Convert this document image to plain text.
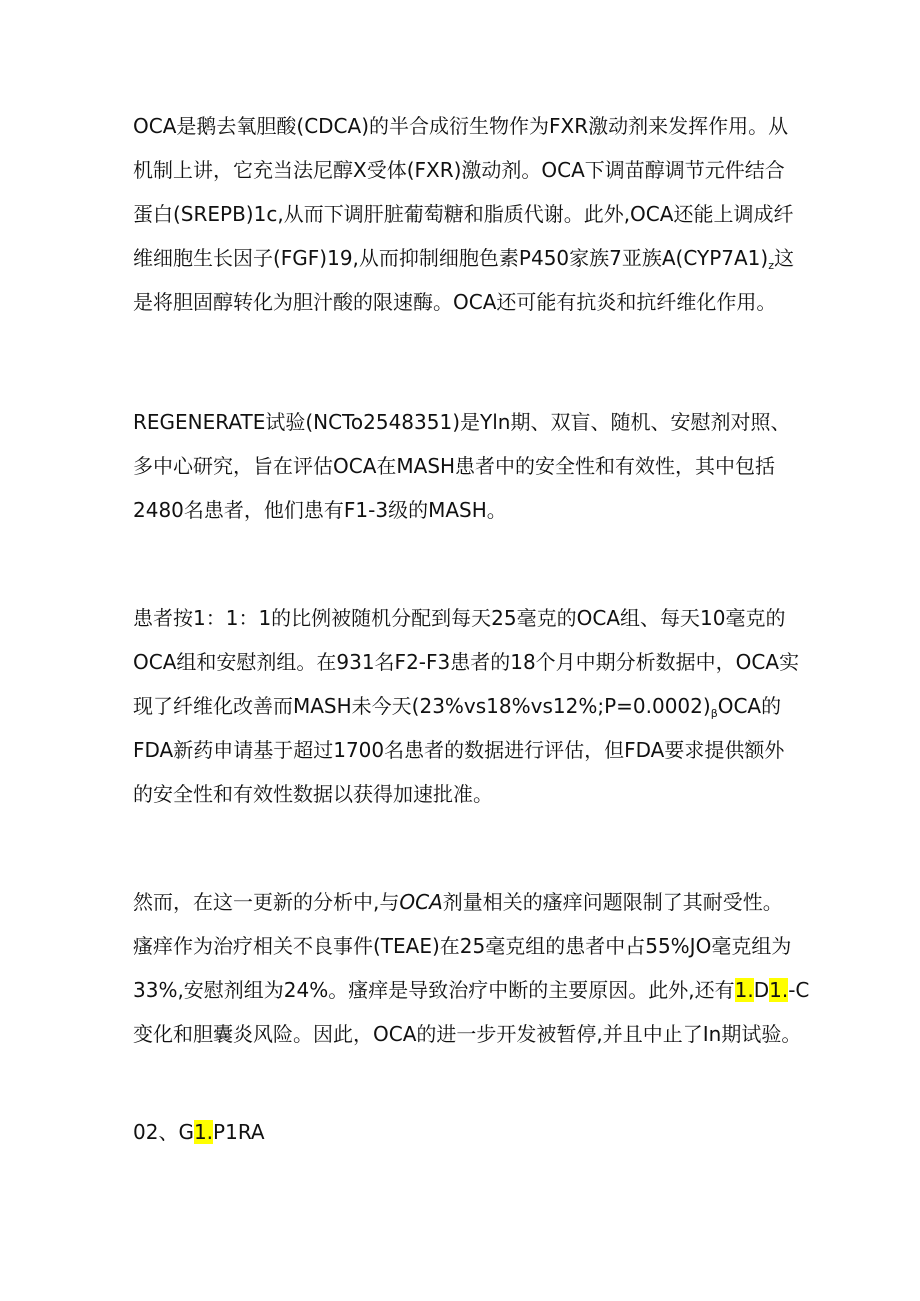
OCA是鹅去氧胆酸(CDCA)的半合成衍生物作为FXR激动剂来发挥作用。从
机制上讲，它充当法尼醇X受体(FXR)激动剂。OCA下调苗醇调节元件结合
蛋白(SREPB)1c,从而下调肝脏葡萄糖和脂质代谢。此外,OCA还能上调成纤
维细胞生长因子(FGF)19,从而抑制细胞色素P450家族7亚族$A(CYP7A1)_z$这
是将胆固醇转化为胆汁酸的限速酶。OCA还可能有抗炎和抗纤维化作用。

REGENERATE试验(NCTo2548351)是Yln期、双盲、随机、安慰剂对照、
多中心研究，旨在评估OCA在MASH患者中的安全性和有效性，其中包括
2480名患者，他们患有F1-3级的MASH。

患者按1：1：1的比例被随机分配到每天25毫克的OCA组、每天10毫克的
OCA组和安慰剂组。在931名F2-F3患者的18个月中期分析数据中，OCA实
现了纤维化改善而MASH未今天$(23\%vs18\%vs12\%;P=0.0002)_\beta OCA$的
FDA新药申请基于超过1700名患者的数据进行评估，但FDA要求提供额外
的安全性和有效性数据以获得加速批准。

然而，在这一更新的分析中,与OCA剂量相关的瘙痒问题限制了其耐受性。
瘙痒作为治疗相关不良事件(TEAE)在25毫克组的患者中占55%JO毫克组为
33%,安慰剂组为24%。瘙痒是导致治疗中断的主要原因。此外,还有1.D1.-C
变化和胆囊炎风险。因此，OCA的进一步开发被暂停,并且中止了In期试验。

02、G1.P1RA
